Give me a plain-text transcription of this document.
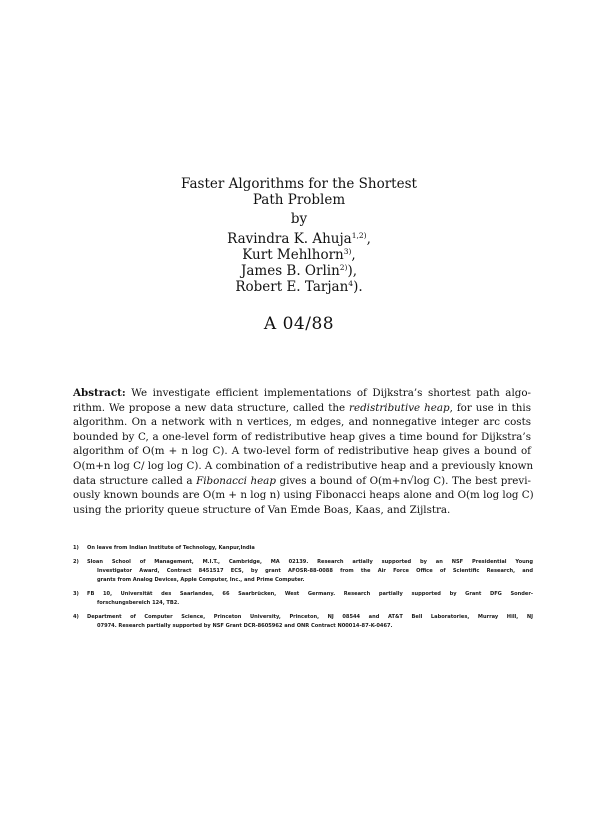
Faster Algorithms for the Shortest
Path Problem
by
Ravindra K. Ahuja$^{1,2)}$,
Kurt Mehlhorn$^{3)}$,
James B. Orlin$^{2)}$),
Robert E. Tarjan$^4$).
A 04/88
Abstract: We investigate efficient implementations of Dijkstra’s shortest path algo-
rithm. We propose a new data structure, called the redistributive heap, for use in this
algorithm. On a network with n vertices, m edges, and nonnegative integer arc costs
bounded by C, a one-level form of redistributive heap gives a time bound for Dijkstra’s
algorithm of O(m + n log C). A two-level form of redistributive heap gives a bound of
O(m+n log C/ log log C). A combination of a redistributive heap and a previously known
data structure called a Fibonacci heap gives a bound of O(m+n√log C). The best previ-
ously known bounds are O(m + n log n) using Fibonacci heaps alone and O(m log log C)
using the priority queue structure of Van Emde Boas, Kaas, and Zijlstra.
1)	On leave from Indian Institute of Technology, Kanpur,India
2)	Sloan School of Management, M.I.T., Cambridge, MA 02139. Research artially supported by an NSF Presidential Young
Investigator Award, Contract 8451517 ECS, by grant AFOSR-88-0088 from the Air Force Office of Scientific Research, and
grants from Analog Devices, Apple Computer, Inc., and Prime Computer.
3)	FB 10, Universität des Saarlandes, 66 Saarbrücken, West Germany. Research partially supported by Grant DFG Sonder-
forschungsbereich 124, TB2.
4)	Department of Computer Science, Princeton University, Princeton, NJ 08544 and AT&T Bell Laboratories, Murray Hill, NJ
07974. Research partially supported by NSF Grant DCR-8605962 and ONR Contract N00014-87-K-0467.
